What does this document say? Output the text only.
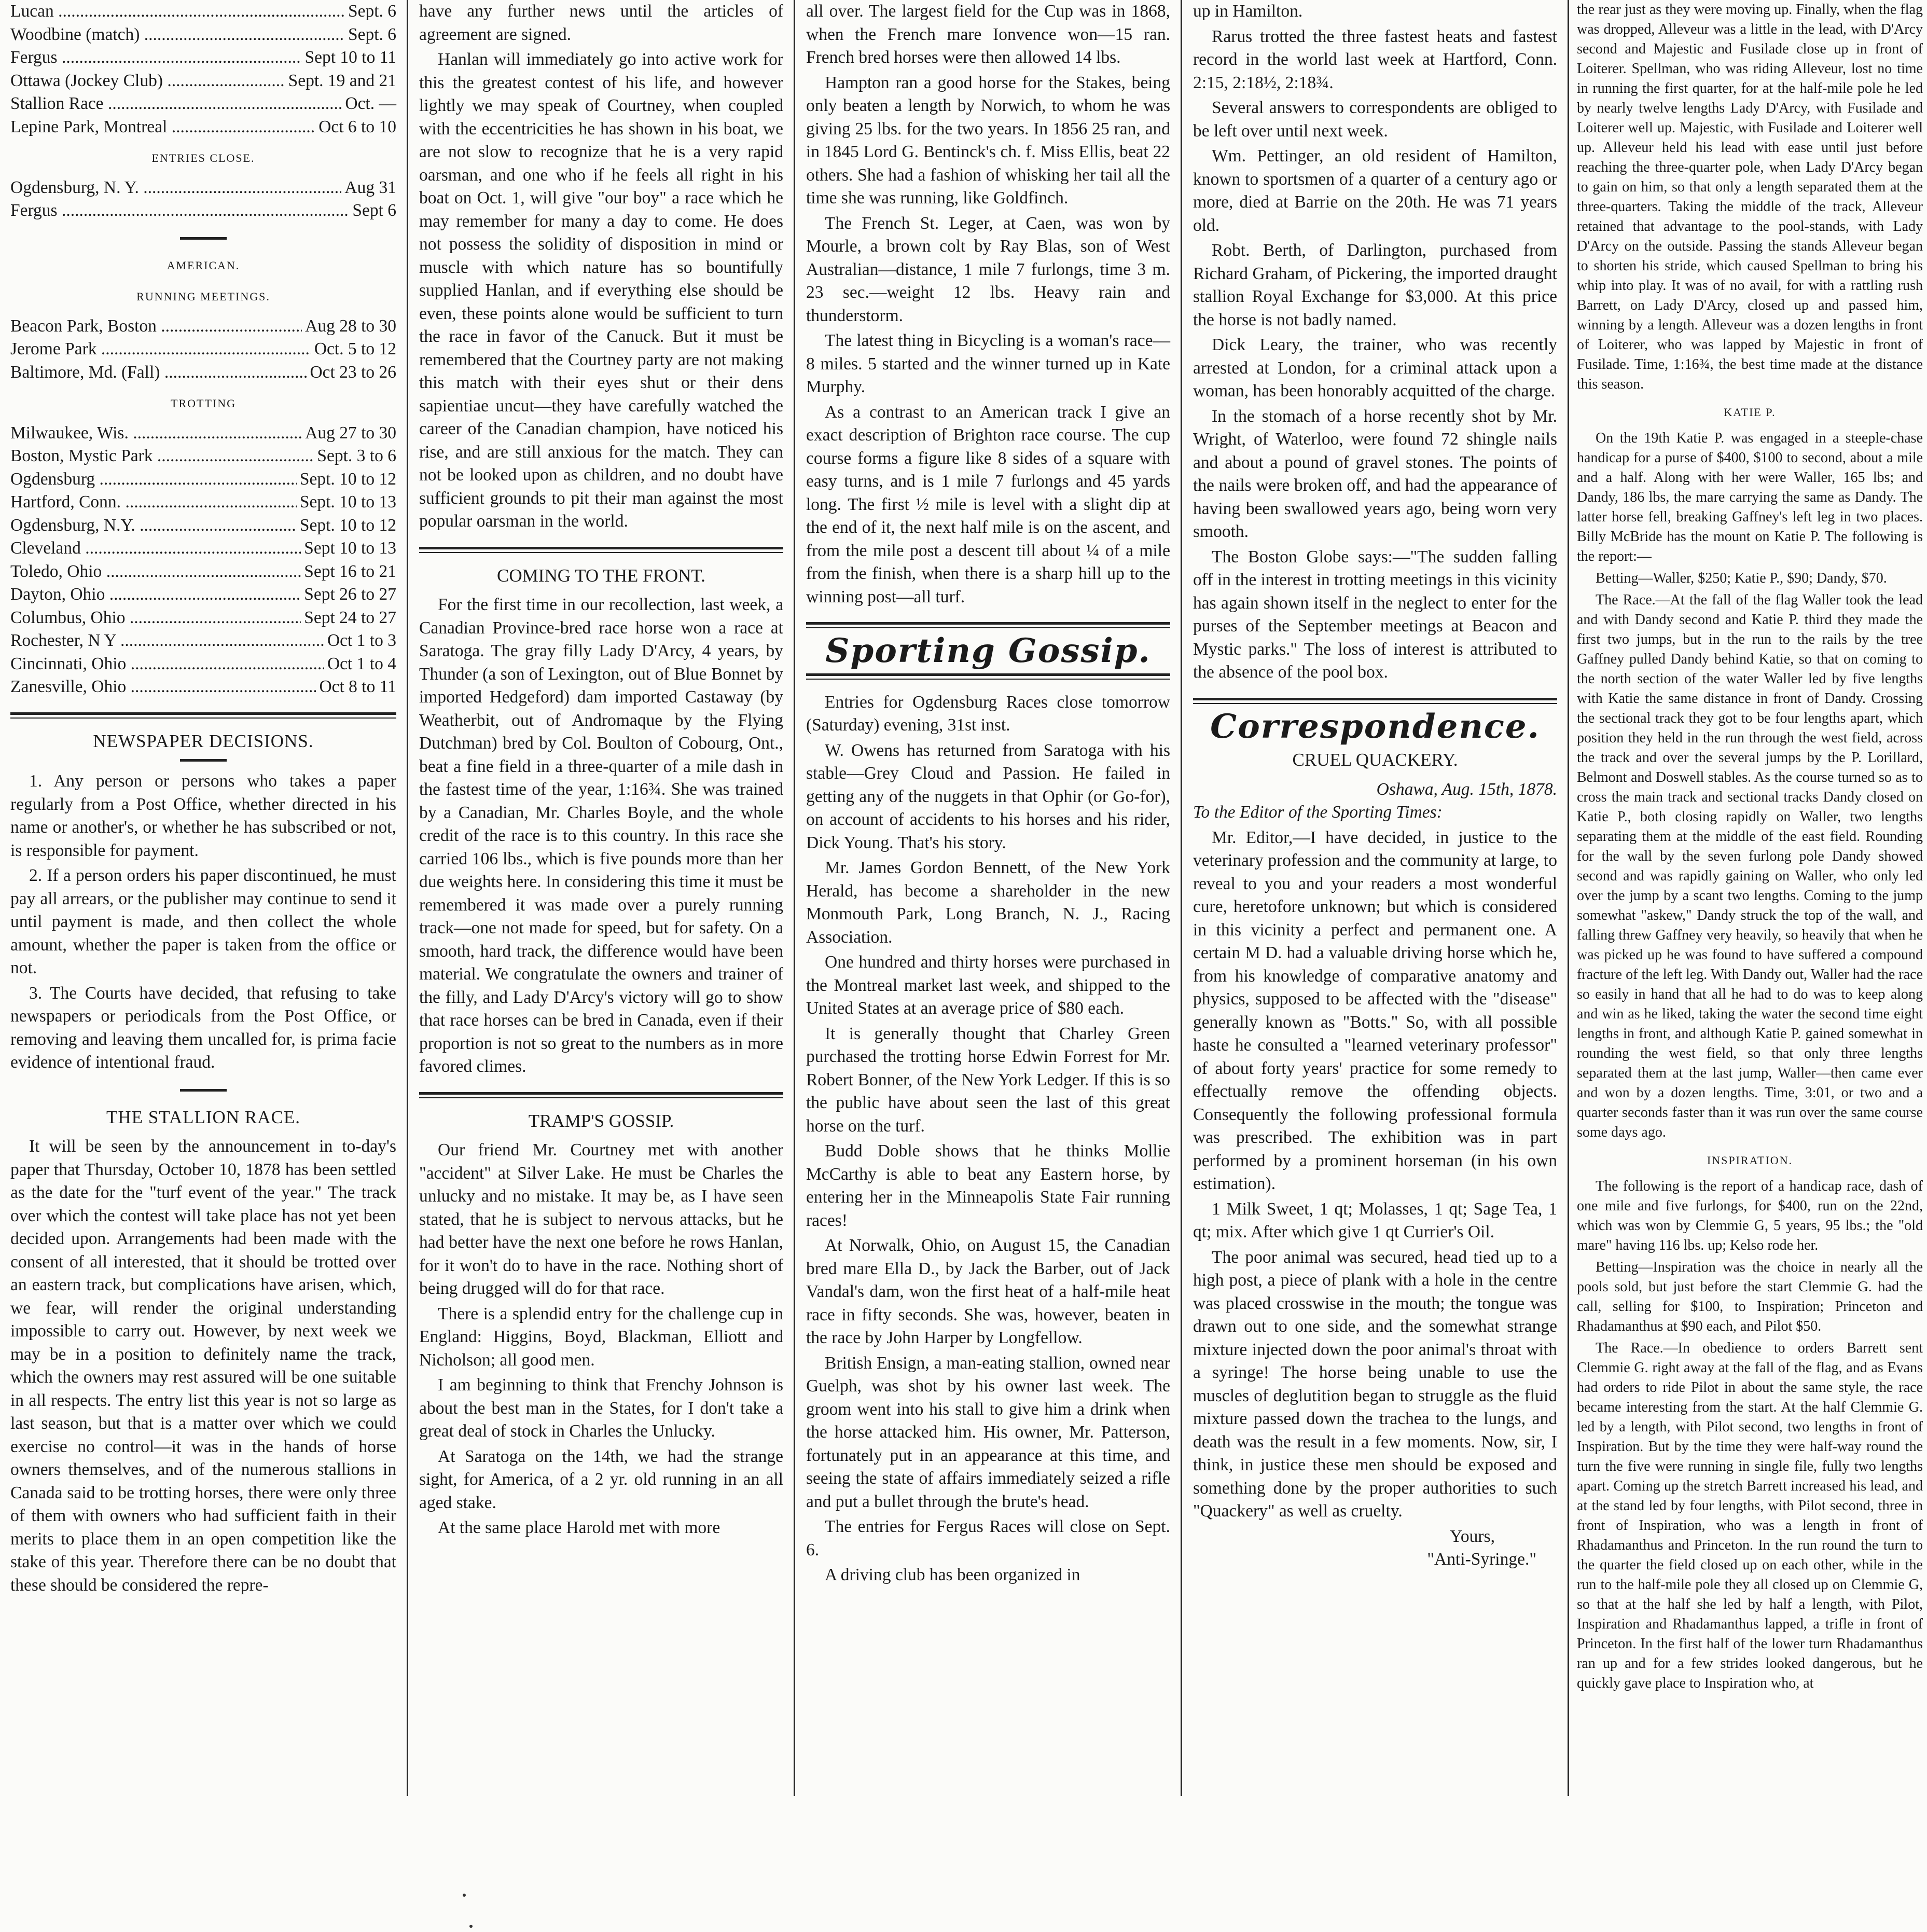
Lucan .....	Sept. 6
Woodbine (match) .....	Sept. 6
Fergus .....	Sept 10 to 11
Ottawa (Jockey Club) .....	Sept. 19 and 21
Stallion Race .....	Oct. —
Lepine Park, Montreal .....	Oct 6 to 10
ENTRIES CLOSE.
Ogdensburg, N. Y. .....	Aug 31
Fergus .....	Sept 6
AMERICAN.
RUNNING MEETINGS.
Beacon Park, Boston .....	Aug 28 to 30
Jerome Park .....	Oct. 5 to 12
Baltimore, Md. (Fall) .....	Oct 23 to 26
TROTTING
Milwaukee, Wis. .....	Aug 27 to 30
Boston, Mystic Park .....	Sept. 3 to 6
Ogdensburg .....	Sept. 10 to 12
Hartford, Conn. .....	Sept. 10 to 13
Ogdensburg, N.Y. .....	Sept. 10 to 12
Cleveland .....	Sept 10 to 13
Toledo, Ohio .....	Sept 16 to 21
Dayton, Ohio .....	Sept 26 to 27
Columbus, Ohio .....	Sept 24 to 27
Rochester, N Y .....	Oct 1 to 3
Cincinnati, Ohio .....	Oct 1 to 4
Zanesville, Ohio .....	Oct 8 to 11
NEWSPAPER DECISIONS.

1. Any person or persons who takes a paper regularly from a Post Office, whether directed in his name or another's, or whether he has subscribed or not, is responsible for payment.

2. If a person orders his paper discontinued, he must pay all arrears, or the publisher may continue to send it until payment is made, and then collect the whole amount, whether the paper is taken from the office or not.

3. The Courts have decided, that refusing to take newspapers or periodicals from the Post Office, or removing and leaving them uncalled for, is prima facie evidence of intentional fraud.

THE STALLION RACE.

It will be seen by the announcement in to-day's paper that Thursday, October 10, 1878 has been settled as the date for the "turf event of the year." The track over which the contest will take place has not yet been decided upon. Arrangements had been made with the consent of all interested, that it should be trotted over an eastern track, but complications have arisen, which, we fear, will render the original understanding impossible to carry out. However, by next week we may be in a position to definitely name the track, which the owners may rest assured will be one suitable in all respects. The entry list this year is not so large as last season, but that is a matter over which we could exercise no control—it was in the hands of horse owners themselves, and of the numerous stallions in Canada said to be trotting horses, there were only three of them with owners who had sufficient faith in their merits to place them in an open competition like the stake of this year. Therefore there can be no doubt that these should be considered the repre-

have any further news until the articles of agreement are signed.

Hanlan will immediately go into active work for this the greatest contest of his life, and however lightly we may speak of Courtney, when coupled with the eccentricities he has shown in his boat, we are not slow to recognize that he is a very rapid oarsman, and one who if he feels all right in his boat on Oct. 1, will give "our boy" a race which he may remember for many a day to come. He does not possess the solidity of disposition in mind or muscle with which nature has so bountifully supplied Hanlan, and if everything else should be even, these points alone would be sufficient to turn the race in favor of the Canuck. But it must be remembered that the Courtney party are not making this match with their eyes shut or their dens sapientiae uncut—they have carefully watched the career of the Canadian champion, have noticed his rise, and are still anxious for the match. They can not be looked upon as children, and no doubt have sufficient grounds to pit their man against the most popular oarsman in the world.

COMING TO THE FRONT.

For the first time in our recollection, last week, a Canadian Province-bred race horse won a race at Saratoga. The gray filly Lady D'Arcy, 4 years, by Thunder (a son of Lexington, out of Blue Bonnet by imported Hedgeford) dam imported Castaway (by Weatherbit, out of Andromaque by the Flying Dutchman) bred by Col. Boulton of Cobourg, Ont., beat a fine field in a three-quarter of a mile dash in the fastest time of the year, 1:16¾. She was trained by a Canadian, Mr. Charles Boyle, and the whole credit of the race is to this country. In this race she carried 106 lbs., which is five pounds more than her due weights here. In considering this time it must be remembered it was made over a purely running track—one not made for speed, but for safety. On a smooth, hard track, the difference would have been material. We congratulate the owners and trainer of the filly, and Lady D'Arcy's victory will go to show that race horses can be bred in Canada, even if their proportion is not so great to the numbers as in more favored climes.

TRAMP'S GOSSIP.

Our friend Mr. Courtney met with another "accident" at Silver Lake. He must be Charles the unlucky and no mistake. It may be, as I have seen stated, that he is subject to nervous attacks, but he had better have the next one before he rows Hanlan, for it won't do to have in the race. Nothing short of being drugged will do for that race.

There is a splendid entry for the challenge cup in England: Higgins, Boyd, Blackman, Elliott and Nicholson; all good men.

I am beginning to think that Frenchy Johnson is about the best man in the States, for I don't take a great deal of stock in Charles the Unlucky.

At Saratoga on the 14th, we had the strange sight, for America, of a 2 yr. old running in an all aged stake.

At the same place Harold met with more

all over. The largest field for the Cup was in 1868, when the French mare Ionvence won—15 ran. French bred horses were then allowed 14 lbs.

Hampton ran a good horse for the Stakes, being only beaten a length by Norwich, to whom he was giving 25 lbs. for the two years. In 1856 25 ran, and in 1845 Lord G. Bentinck's ch. f. Miss Ellis, beat 22 others. She had a fashion of whisking her tail all the time she was running, like Goldfinch.

The French St. Leger, at Caen, was won by Mourle, a brown colt by Ray Blas, son of West Australian—distance, 1 mile 7 furlongs, time 3 m. 23 sec.—weight 12 lbs. Heavy rain and thunderstorm.

The latest thing in Bicycling is a woman's race—8 miles. 5 started and the winner turned up in Kate Murphy.

As a contrast to an American track I give an exact description of Brighton race course. The cup course forms a figure like 8 sides of a square with easy turns, and is 1 mile 7 furlongs and 45 yards long. The first ½ mile is level with a slight dip at the end of it, the next half mile is on the ascent, and from the mile post a descent till about ¼ of a mile from the finish, when there is a sharp hill up to the winning post—all turf.

Sporting Gossip.

Entries for Ogdensburg Races close tomorrow (Saturday) evening, 31st inst.

W. Owens has returned from Saratoga with his stable—Grey Cloud and Passion. He failed in getting any of the nuggets in that Ophir (or Go-for), on account of accidents to his horses and his rider, Dick Young. That's his story.

Mr. James Gordon Bennett, of the New York Herald, has become a shareholder in the new Monmouth Park, Long Branch, N. J., Racing Association.

One hundred and thirty horses were purchased in the Montreal market last week, and shipped to the United States at an average price of $80 each.

It is generally thought that Charley Green purchased the trotting horse Edwin Forrest for Mr. Robert Bonner, of the New York Ledger. If this is so the public have about seen the last of this great horse on the turf.

Budd Doble shows that he thinks Mollie McCarthy is able to beat any Eastern horse, by entering her in the Minneapolis State Fair running races!

At Norwalk, Ohio, on August 15, the Canadian bred mare Ella D., by Jack the Barber, out of Jack Vandal's dam, won the first heat of a half-mile heat race in fifty seconds. She was, however, beaten in the race by John Harper by Longfellow.

British Ensign, a man-eating stallion, owned near Guelph, was shot by his owner last week. The groom went into his stall to give him a drink when the horse attacked him. His owner, Mr. Patterson, fortunately put in an appearance at this time, and seeing the state of affairs immediately seized a rifle and put a bullet through the brute's head.

The entries for Fergus Races will close on Sept. 6.

A driving club has been organized in

up in Hamilton.

Rarus trotted the three fastest heats and fastest record in the world last week at Hartford, Conn. 2:15, 2:18½, 2:18¾.

Several answers to correspondents are obliged to be left over until next week.

Wm. Pettinger, an old resident of Hamilton, known to sportsmen of a quarter of a century ago or more, died at Barrie on the 20th. He was 71 years old.

Robt. Berth, of Darlington, purchased from Richard Graham, of Pickering, the imported draught stallion Royal Exchange for $3,000. At this price the horse is not badly named.

Dick Leary, the trainer, who was recently arrested at London, for a criminal attack upon a woman, has been honorably acquitted of the charge.

In the stomach of a horse recently shot by Mr. Wright, of Waterloo, were found 72 shingle nails and about a pound of gravel stones. The points of the nails were broken off, and had the appearance of having been swallowed years ago, being worn very smooth.

The Boston Globe says:—"The sudden falling off in the interest in trotting meetings in this vicinity has again shown itself in the neglect to enter for the purses of the September meetings at Beacon and Mystic parks." The loss of interest is attributed to the absence of the pool box.

Correspondence.
CRUEL QUACKERY.
Oshawa, Aug. 15th, 1878.

To the Editor of the Sporting Times:

Mr. Editor,—I have decided, in justice to the veterinary profession and the community at large, to reveal to you and your readers a most wonderful cure, heretofore unknown; but which is considered in this vicinity a perfect and permanent one. A certain M D. had a valuable driving horse which he, from his knowledge of comparative anatomy and physics, supposed to be affected with the "disease" generally known as "Botts." So, with all possible haste he consulted a "learned veterinary professor" of about forty years' practice for some remedy to effectually remove the offending objects. Consequently the following professional formula was prescribed. The exhibition was in part performed by a prominent horseman (in his own estimation).

1 Milk Sweet, 1 qt; Molasses, 1 qt; Sage Tea, 1 qt; mix. After which give 1 qt Currier's Oil.

The poor animal was secured, head tied up to a high post, a piece of plank with a hole in the centre was placed crosswise in the mouth; the tongue was drawn out to one side, and the somewhat strange mixture injected down the poor animal's throat with a syringe! The horse being unable to use the muscles of deglutition began to struggle as the fluid mixture passed down the trachea to the lungs, and death was the result in a few moments. Now, sir, I think, in justice these men should be exposed and something done by the proper authorities to such "Quackery" as well as cruelty.

Yours,
"Anti-Syringe."

the rear just as they were moving up. Finally, when the flag was dropped, Alleveur was a little in the lead, with D'Arcy second and Majestic and Fusilade close up in front of Loiterer. Spellman, who was riding Alleveur, lost no time in running the first quarter, for at the half-mile pole he led by nearly twelve lengths Lady D'Arcy, with Fusilade and Loiterer well up. Majestic, with Fusilade and Loiterer well up. Alleveur held his lead with ease until just before reaching the three-quarter pole, when Lady D'Arcy began to gain on him, so that only a length separated them at the three-quarters. Taking the middle of the track, Alleveur retained that advantage to the pool-stands, with Lady D'Arcy on the outside. Passing the stands Alleveur began to shorten his stride, which caused Spellman to bring his whip into play. It was of no avail, for with a rattling rush Barrett, on Lady D'Arcy, closed up and passed him, winning by a length. Alleveur was a dozen lengths in front of Loiterer, who was lapped by Majestic in front of Fusilade. Time, 1:16¾, the best time made at the distance this season.

KATIE P.

On the 19th Katie P. was engaged in a steeple-chase handicap for a purse of $400, $100 to second, about a mile and a half. Along with her were Waller, 165 lbs; and Dandy, 186 lbs, the mare carrying the same as Dandy. The latter horse fell, breaking Gaffney's left leg in two places. Billy McBride has the mount on Katie P. The following is the report:—

Betting—Waller, $250; Katie P., $90; Dandy, $70.

The Race.—At the fall of the flag Waller took the lead and with Dandy second and Katie P. third they made the first two jumps, but in the run to the rails by the tree Gaffney pulled Dandy behind Katie, so that on coming to the north section of the water Waller led by five lengths with Katie the same distance in front of Dandy. Crossing the sectional track they got to be four lengths apart, which position they held in the run through the west field, across the track and over the several jumps by the P. Lorillard, Belmont and Doswell stables. As the course turned so as to cross the main track and sectional tracks Dandy closed on Katie P., both closing rapidly on Waller, two lengths separating them at the middle of the east field. Rounding for the wall by the seven furlong pole Dandy showed second and was rapidly gaining on Waller, who only led over the jump by a scant two lengths. Coming to the jump somewhat "askew," Dandy struck the top of the wall, and falling threw Gaffney very heavily, so heavily that when he was picked up he was found to have suffered a compound fracture of the left leg. With Dandy out, Waller had the race so easily in hand that all he had to do was to keep along and win as he liked, taking the water the second time eight lengths in front, and although Katie P. gained somewhat in rounding the west field, so that only three lengths separated them at the last jump, Waller—then came ever and won by a dozen lengths. Time, 3:01, or two and a quarter seconds faster than it was run over the same course some days ago.

INSPIRATION.

The following is the report of a handicap race, dash of one mile and five furlongs, for $400, run on the 22nd, which was won by Clemmie G, 5 years, 95 lbs.; the "old mare" having 116 lbs. up; Kelso rode her.

Betting—Inspiration was the choice in nearly all the pools sold, but just before the start Clemmie G. had the call, selling for $100, to Inspiration; Princeton and Rhadamanthus at $90 each, and Pilot $50.

The Race.—In obedience to orders Barrett sent Clemmie G. right away at the fall of the flag, and as Evans had orders to ride Pilot in about the same style, the race became interesting from the start. At the half Clemmie G. led by a length, with Pilot second, two lengths in front of Inspiration. But by the time they were half-way round the turn the five were running in single file, fully two lengths apart. Coming up the stretch Barrett increased his lead, and at the stand led by four lengths, with Pilot second, three in front of Inspiration, who was a length in front of Rhadamanthus and Princeton. In the run round the turn to the quarter the field closed up on each other, while in the run to the half-mile pole they all closed up on Clemmie G, so that at the half she led by half a length, with Pilot, Inspiration and Rhadamanthus lapped, a trifle in front of Princeton. In the first half of the lower turn Rhadamanthus ran up and for a few strides looked dangerous, but he quickly gave place to Inspiration who, at
